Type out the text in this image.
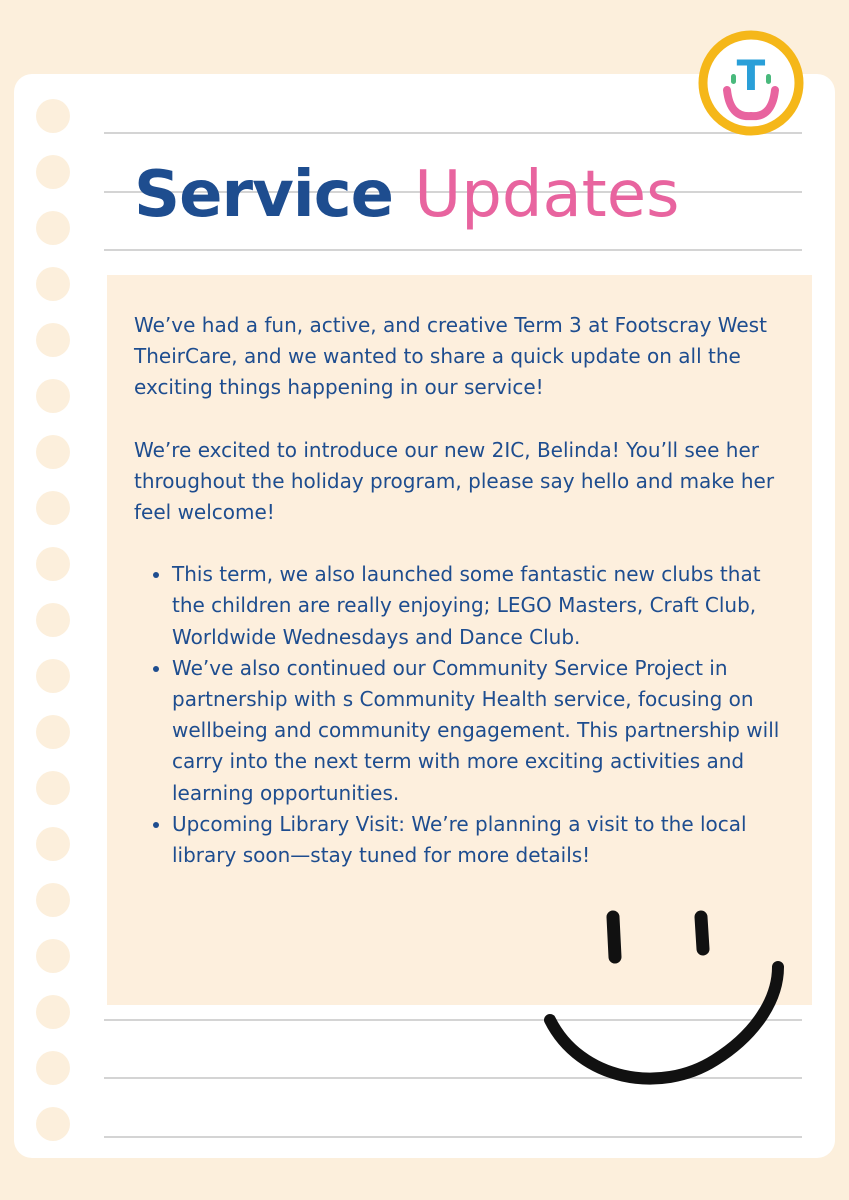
Service Updates

We’ve had a fun, active, and creative Term 3 at Footscray West TheirCare, and we wanted to share a quick update on all the exciting things happening in our service!

We’re excited to introduce our new 2IC, Belinda! You’ll see her throughout the holiday program, please say hello and make her feel welcome!

• This term, we also launched some fantastic new clubs that the children are really enjoying; LEGO Masters, Craft Club, Worldwide Wednesdays and Dance Club.
• We’ve also continued our Community Service Project in partnership with s Community Health service, focusing on wellbeing and community engagement. This partnership will carry into the next term with more exciting activities and learning opportunities.
• Upcoming Library Visit: We’re planning a visit to the local library soon—stay tuned for more details!
T
